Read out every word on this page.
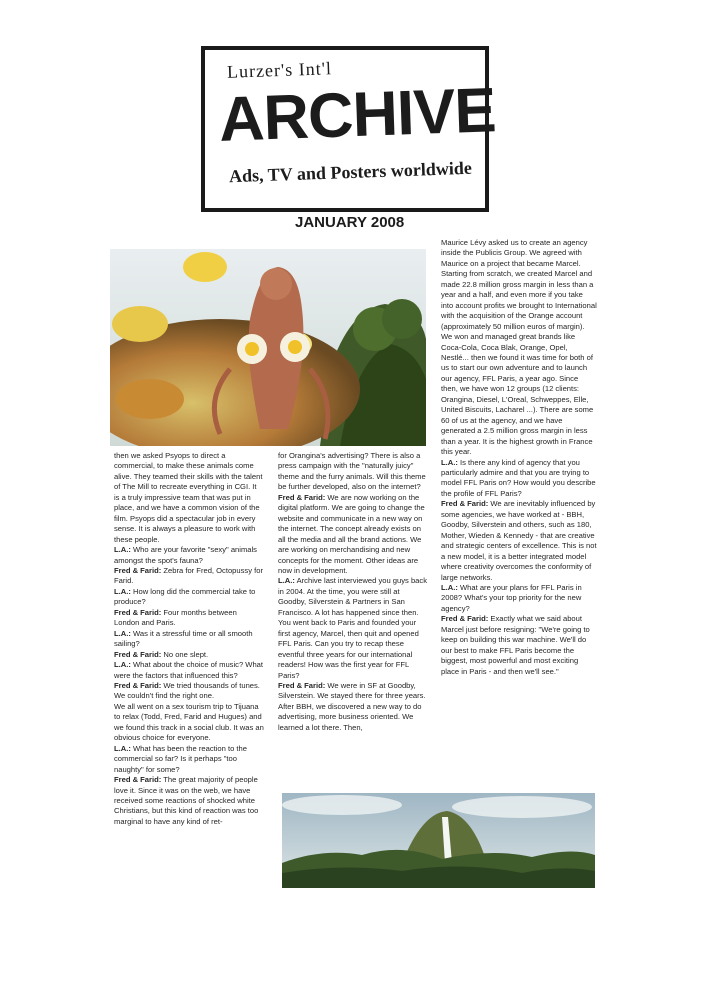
Lurzer's Int'l
ARCHIVE
Ads, TV and Posters worldwide
JANUARY 2008

then we asked Psyops to direct a commercial, to make these animals come alive. They teamed their skills with the talent of The Mill to recreate everything in CGI. It is a truly impressive team that was put in place, and we have a common vision of the film. Psyops did a spectacular job in every sense. It is always a pleasure to work with these people.

L.A.: Who are your favorite "sexy" animals amongst the spot's fauna?

Fred & Farid: Zebra for Fred, Octopussy for Farid.

L.A.: How long did the commercial take to produce?

Fred & Farid: Four months between London and Paris.

L.A.: Was it a stressful time or all smooth sailing?

Fred & Farid: No one slept.

L.A.: What about the choice of music? What were the factors that influenced this?

Fred & Farid: We tried thousands of tunes. We couldn't find the right one.

We all went on a sex tourism trip to Tijuana to relax (Todd, Fred, Farid and Hugues) and we found this track in a social club. It was an obvious choice for everyone.

L.A.: What has been the reaction to the commercial so far? Is it perhaps "too naughty" for some?

Fred & Farid: The great majority of people love it. Since it was on the web, we have received some reactions of shocked white Christians, but this kind of reaction was too marginal to have any kind of ret-

for Orangina's advertising? There is also a press campaign with the "naturally juicy" theme and the furry animals. Will this theme be further developed, also on the internet?

Fred & Farid: We are now working on the digital platform. We are going to change the website and communicate in a new way on the internet. The concept already exists on all the media and all the brand actions. We are working on merchandising and new concepts for the moment. Other ideas are now in development.

L.A.: Archive last interviewed you guys back in 2004. At the time, you were still at Goodby, Silverstein & Partners in San Francisco. A lot has happened since then. You went back to Paris and founded your first agency, Marcel, then quit and opened FFL Paris. Can you try to recap these eventful three years for our international readers! How was the first year for FFL Paris?

Fred & Farid: We were in SF at Goodby, Silverstein. We stayed there for three years. After BBH, we discovered a new way to do advertising, more business oriented. We learned a lot there. Then,

Maurice Lévy asked us to create an agency inside the Publicis Group. We agreed with Maurice on a project that became Marcel. Starting from scratch, we created Marcel and made 22.8 million gross margin in less than a year and a half, and even more if you take into account profits we brought to International with the acquisition of the Orange account (approximately 50 million euros of margin). We won and managed great brands like Coca-Cola, Coca Blak, Orange, Opel, Nestlé... then we found it was time for both of us to start our own adventure and to launch our agency, FFL Paris, a year ago. Since then, we have won 12 groups (12 clients: Orangina, Diesel, L'Oreal, Schweppes, Elle, United Biscuits, Lacharel ...). There are some 60 of us at the agency, and we have generated a 2.5 million gross margin in less than a year. It is the highest growth in France this year.

L.A.: Is there any kind of agency that you particularly admire and that you are trying to model FFL Paris on? How would you describe the profile of FFL Paris?

Fred & Farid: We are inevitably influenced by some agencies, we have worked at - BBH, Goodby, Silverstein and others, such as 180, Mother, Wieden & Kennedy - that are creative and strategic centers of excellence. This is not a new model, it is a better integrated model where creativity overcomes the conformity of large networks.

L.A.: What are your plans for FFL Paris in 2008? What's your top priority for the new agency?

Fred & Farid: Exactly what we said about Marcel just before resigning: "We're going to keep on building this war machine. We'll do our best to make FFL Paris become the biggest, most powerful and most exciting place in Paris - and then we'll see."
